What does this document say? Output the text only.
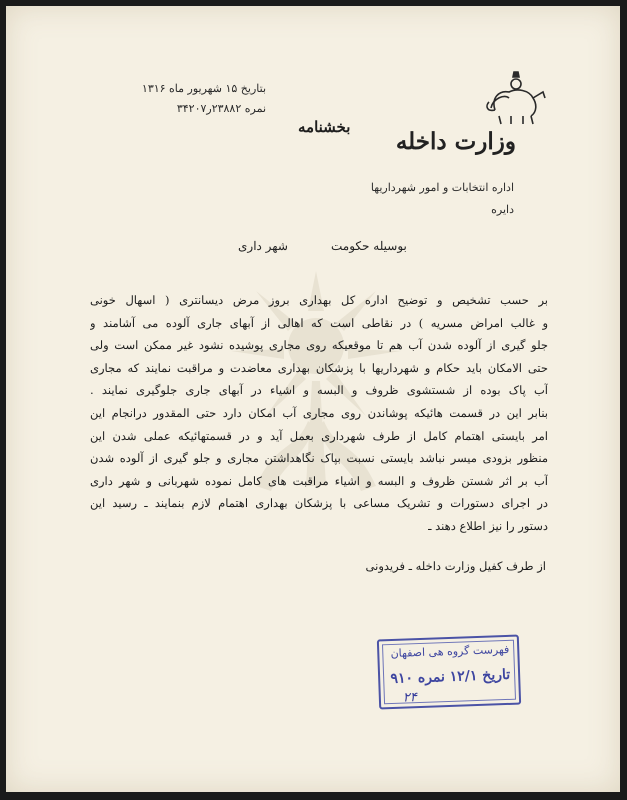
وزارت داخله
اداره انتخابات و امور شهرداریها
دایره
بتاریخ ۱۵ شهریور ماه ۱۳۱۶
نمره ۲۳۸۸۲ر۳۴۲۰۷
بخشنامه
بوسیله حکومت
شهر داری
بر حسب تشخیص و توضیح اداره کل بهداری بروز مرض دیسانتری ( اسهال خونی
و غالب امراض مسریه ) در نقاطی است که اهالی از آبهای جاری آلوده می آشامند و
جلو گیری از آلوده شدن آب هم تا موقعیکه روی مجاری پوشیده نشود غیر ممکن است ولی
حتی الامکان باید حکام و شهرداریها با پزشکان بهداری معاضدت و مراقبت نمایند که مجاری
آب پاک بوده از شستشوی ظروف و البسه و اشیاء در آبهای جاری جلوگیری نمایند .
بنابر این در قسمت هائیکه پوشاندن روی مجاری آب امکان دارد حتی المقدور درانجام این
امر بایستی اهتمام کامل از طرف شهرداری بعمل آید و در قسمتهائیکه عملی شدن این
منظور بزودی میسر نباشد بایستی نسبت بپاک نگاهداشتن مجاری و جلو گیری از آلوده شدن
آب بر اثر شستن ظروف و البسه و اشیاء مراقبت های کامل نموده شهربانی و شهر داری
در اجرای دستورات و تشریک مساعی با پزشکان بهداری اهتمام لازم بنمایند ـ رسید این
دستور را نیز اطلاع دهند ـ
از طرف کفیل وزارت داخله ـ فریدونی
فهرست گروه هی اصفهان
تاریخ ۱۲/۱ نمره ۹۱۰
۲۴
